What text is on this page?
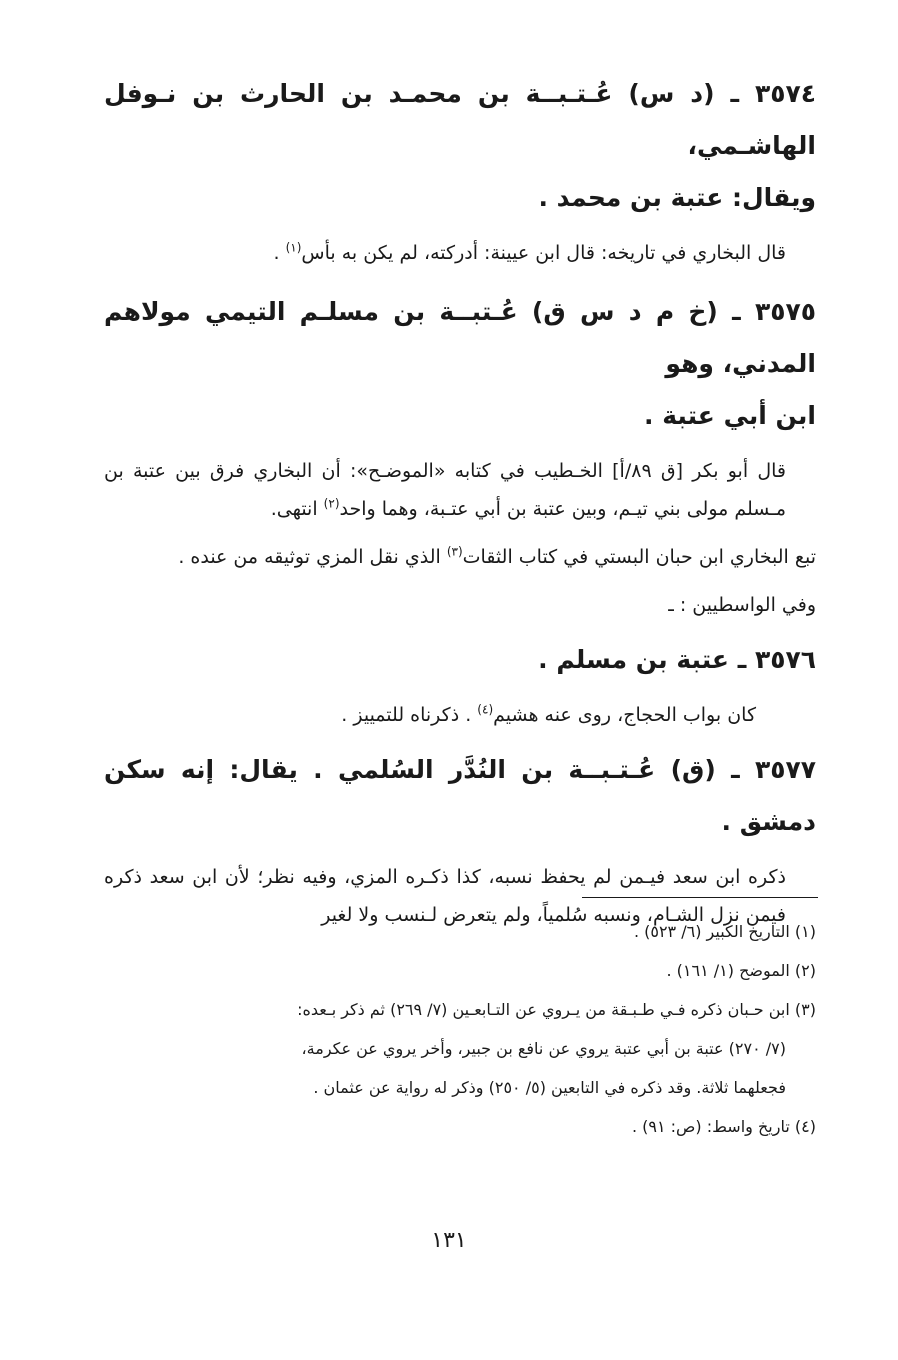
٣٥٧٤ ـ (د س) عُـتـبــة بن محمـد بن الحارث بن نـوفل الهاشـمي،

ويقال: عتبة بن محمد .

قال البخاري في تاريخه: قال ابن عيينة: أدركته، لم يكن به بأس$^{(١)}$ .

٣٥٧٥ ـ (خ م د س ق) عُـتبــة بن مسلـم التيمي مولاهم المدني، وهو

ابن أبي عتبة .

قال أبو بكر [ق ٨٩/أ] الخـطيب في كتابه «الموضـح»: أن البخاري فرق بين عتبة بن مـسلم مولى بني تيـم، وبين عتبة بن أبي عتـبة، وهما واحد$^{(٢)}$ انتهى.

تبع البخاري ابن حبان البستي في كتاب الثقات$^{(٣)}$ الذي نقل المزي توثيقه من عنده .

وفي الواسطيين : ـ

٣٥٧٦ ـ عتبة بن مسلم .

كان بواب الحجاج، روى عنه هشيم$^{(٤)}$ . ذكرناه للتمييز .

٣٥٧٧ ـ (ق) عُـتـبــة بن النُدَّر السُلمي . يقال: إنه سكن دمشق .

ذكره ابن سعد فيـمن لم يحفظ نسبه، كذا ذكـره المزي، وفيه نظر؛ لأن ابن سعد ذكره فيمن نزل الشـام، ونسبه سُلمياً، ولم يتعرض لـنسب ولا لغير

(١) التاريخ الكبير (٦/ ٥٢٣) .

(٢) الموضح (١/ ١٦١) .

(٣) ابن حـبان ذكره فـي طـبـقة من يـروي عن التـابعـين (٧/ ٢٦٩) ثم ذكر بـعده:

(٧/ ٢٧٠) عتبة بن أبي عتبة يروي عن نافع بن جبير، وأخر يروي عن عكرمة،

فجعلهما ثلاثة. وقد ذكره في التابعين (٥/ ٢٥٠) وذكر له رواية عن عثمان .

(٤) تاريخ واسط: (ص: ٩١) .

١٣١
